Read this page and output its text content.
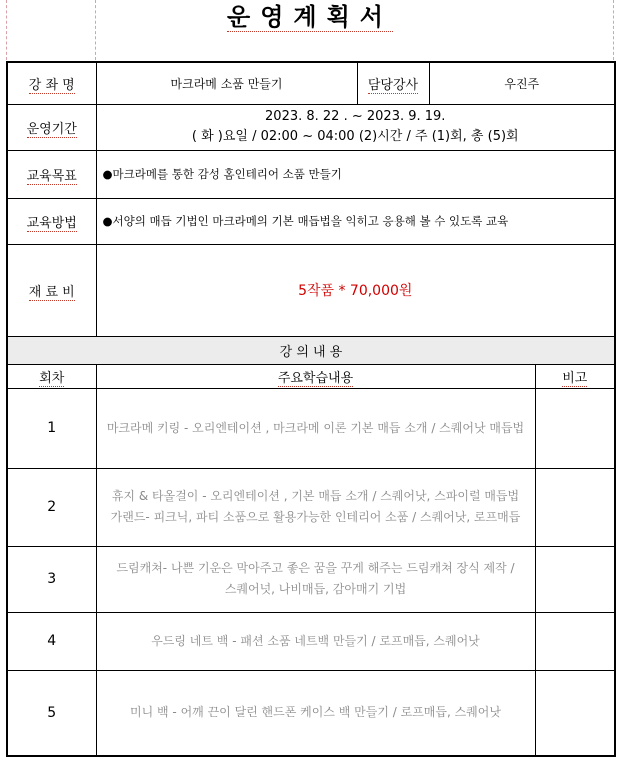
운영계획서
강 좌 명	마크라메 소품 만들기	담당강사	우진주	
운영기간	2023. 8. 22 . ~ 2023. 9. 19.
( 화 )요일 / 02:00 ~ 04:00 (2)시간 / 주 (1)회, 총 (5)회			

교육목표	●마크라메를 통한 감성 홈인테리어 소품 만들기			
교육방법	●서양의 매듭 기법인 마크라메의 기본 매듭법을 익히고 응용해 볼 수 있도록 교육			
재 료 비	5작품 * 70,000원			
강 의 내 용				
회차	주요학습내용			비고
1	마크라메 키링 - 오리엔테이션 , 마크라메 이론 기본 매듭 소개 / 스퀘어낫 매듭법			

2	휴지 & 타올걸이 - 오리엔테이션 , 기본 매듭 소개 / 스퀘어낫, 스파이럴 매듭법
가랜드- 피크닉, 파티 소품으로 활용가능한 인테리어 소품 / 스퀘어낫, 로프매듭			

3	드림캐쳐- 나쁜 기운은 막아주고 좋은 꿈을 꾸게 해주는 드림캐쳐 장식 제작 /
스퀘어넛, 나비매듭, 감아매기 기법			

4	우드링 네트 백 - 패션 소품 네트백 만들기 / 로프매듭, 스퀘어낫			

5	미니 백 - 어깨 끈이 달린 핸드폰 케이스 백 만들기 / 로프매듭, 스퀘어낫			
